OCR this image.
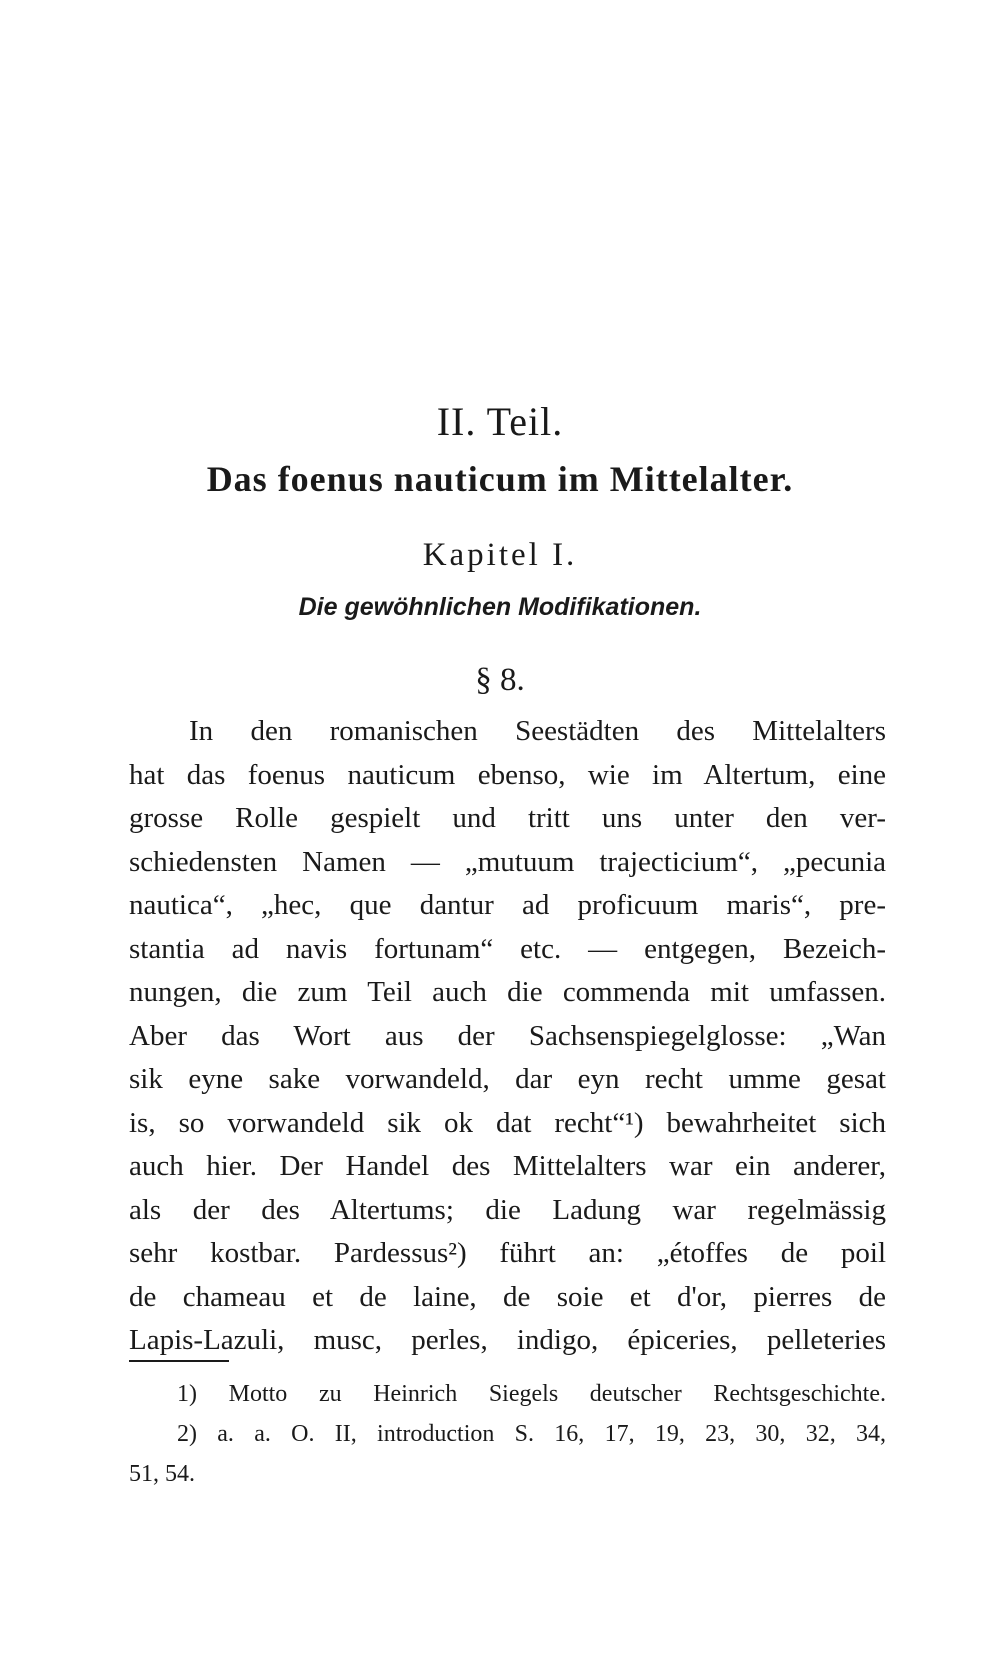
II. Teil.
Das foenus nauticum im Mittelalter.
Kapitel I.
Die gewöhnlichen Modifikationen.
§ 8.
In den romanischen Seestädten des Mittelalters
hat das foenus nauticum ebenso, wie im Altertum, eine
grosse Rolle gespielt und tritt uns unter den ver-
schiedensten Namen — „mutuum trajecticium“, „pecunia
nautica“, „hec, que dantur ad proficuum maris“, pre-
stantia ad navis fortunam“ etc. — entgegen, Bezeich-
nungen, die zum Teil auch die commenda mit umfassen.
Aber das Wort aus der Sachsenspiegelglosse: „Wan
sik eyne sake vorwandeld, dar eyn recht umme gesat
is, so vorwandeld sik ok dat recht“¹) bewahrheitet sich
auch hier. Der Handel des Mittelalters war ein anderer,
als der des Altertums; die Ladung war regelmässig
sehr kostbar. Pardessus²) führt an: „étoffes de poil
de chameau et de laine, de soie et d'or, pierres de
Lapis-Lazuli, musc, perles, indigo, épiceries, pelleteries
1) Motto zu Heinrich Siegels deutscher Rechtsgeschichte.
2) a. a. O. II, introduction S. 16, 17, 19, 23, 30, 32, 34,
51, 54.
